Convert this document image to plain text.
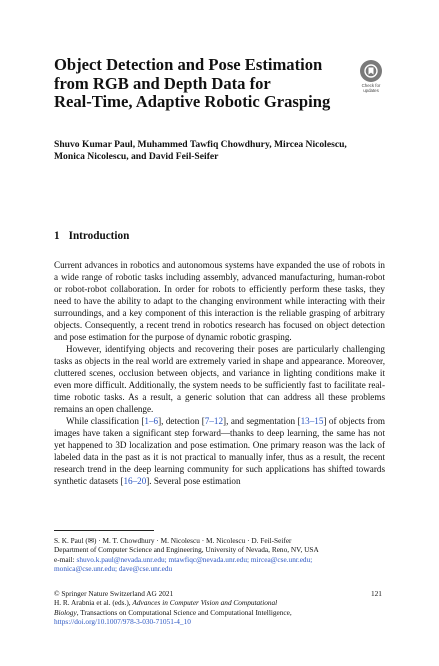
Object Detection and Pose Estimation
from RGB and Depth Data for
Real-Time, Adaptive Robotic Grasping
Check for
updates
Shuvo Kumar Paul, Muhammed Tawfiq Chowdhury, Mircea Nicolescu,
Monica Nicolescu, and David Feil-Seifer
1 Introduction

Current advances in robotics and autonomous systems have expanded the use of robots in a wide range of robotic tasks including assembly, advanced manufacturing, human-robot or robot-robot collaboration. In order for robots to efficiently perform these tasks, they need to have the ability to adapt to the changing environment while interacting with their surroundings, and a key component of this interaction is the reliable grasping of arbitrary objects. Consequently, a recent trend in robotics research has focused on object detection and pose estimation for the purpose of dynamic robotic grasping.

However, identifying objects and recovering their poses are particularly challenging tasks as objects in the real world are extremely varied in shape and appearance. Moreover, cluttered scenes, occlusion between objects, and variance in lighting conditions make it even more difficult. Additionally, the system needs to be sufficiently fast to facilitate real-time robotic tasks. As a result, a generic solution that can address all these problems remains an open challenge.

While classification [1–6], detection [7–12], and segmentation [13–15] of objects from images have taken a significant step forward—thanks to deep learning, the same has not yet happened to 3D localization and pose estimation. One primary reason was the lack of labeled data in the past as it is not practical to manually infer, thus as a result, the recent research trend in the deep learning community for such applications has shifted towards synthetic datasets [16–20]. Several pose estimation

S. K. Paul (✉) · M. T. Chowdhury · M. Nicolescu · M. Nicolescu · D. Feil-Seifer
Department of Computer Science and Engineering, University of Nevada, Reno, NV, USA
e-mail: shuvo.k.paul@nevada.unr.edu; mtawfiqc@nevada.unr.edu; mircea@cse.unr.edu;
monica@cse.unr.edu; dave@cse.unr.edu
© Springer Nature Switzerland AG 2021
H. R. Arabnia et al. (eds.), Advances in Computer Vision and Computational
Biology, Transactions on Computational Science and Computational Intelligence,
https://doi.org/10.1007/978-3-030-71051-4_10
121
